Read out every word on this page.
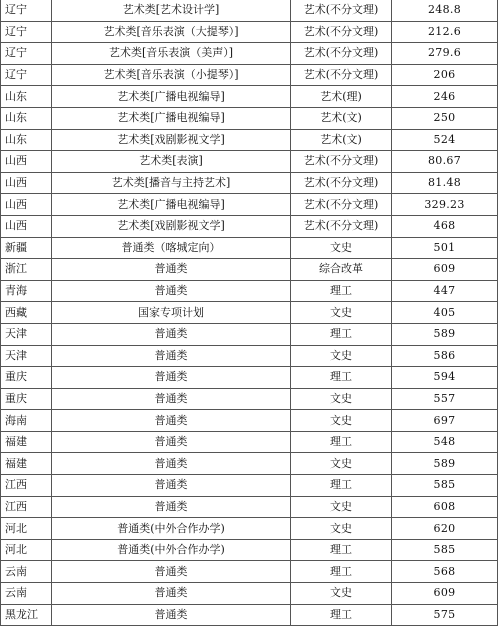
辽宁	艺术类[艺术设计学]	艺术(不分文理)	248.8
辽宁	艺术类[音乐表演（大提琴）]	艺术(不分文理)	212.6
辽宁	艺术类[音乐表演（美声）]	艺术(不分文理)	279.6
辽宁	艺术类[音乐表演（小提琴）]	艺术(不分文理)	206
山东	艺术类[广播电视编导]	艺术(理)	246
山东	艺术类[广播电视编导]	艺术(文)	250
山东	艺术类[戏剧影视文学]	艺术(文)	524
山西	艺术类[表演]	艺术(不分文理)	80.67
山西	艺术类[播音与主持艺术]	艺术(不分文理)	81.48
山西	艺术类[广播电视编导]	艺术(不分文理)	329.23
山西	艺术类[戏剧影视文学]	艺术(不分文理)	468
新疆	普通类（喀城定向）	文史	501
浙江	普通类	综合改革	609
青海	普通类	理工	447
西藏	国家专项计划	文史	405
天津	普通类	理工	589
天津	普通类	文史	586
重庆	普通类	理工	594
重庆	普通类	文史	557
海南	普通类	文史	697
福建	普通类	理工	548
福建	普通类	文史	589
江西	普通类	理工	585
江西	普通类	文史	608
河北	普通类(中外合作办学)	文史	620
河北	普通类(中外合作办学)	理工	585
云南	普通类	理工	568
云南	普通类	文史	609
黑龙江	普通类	理工	575
